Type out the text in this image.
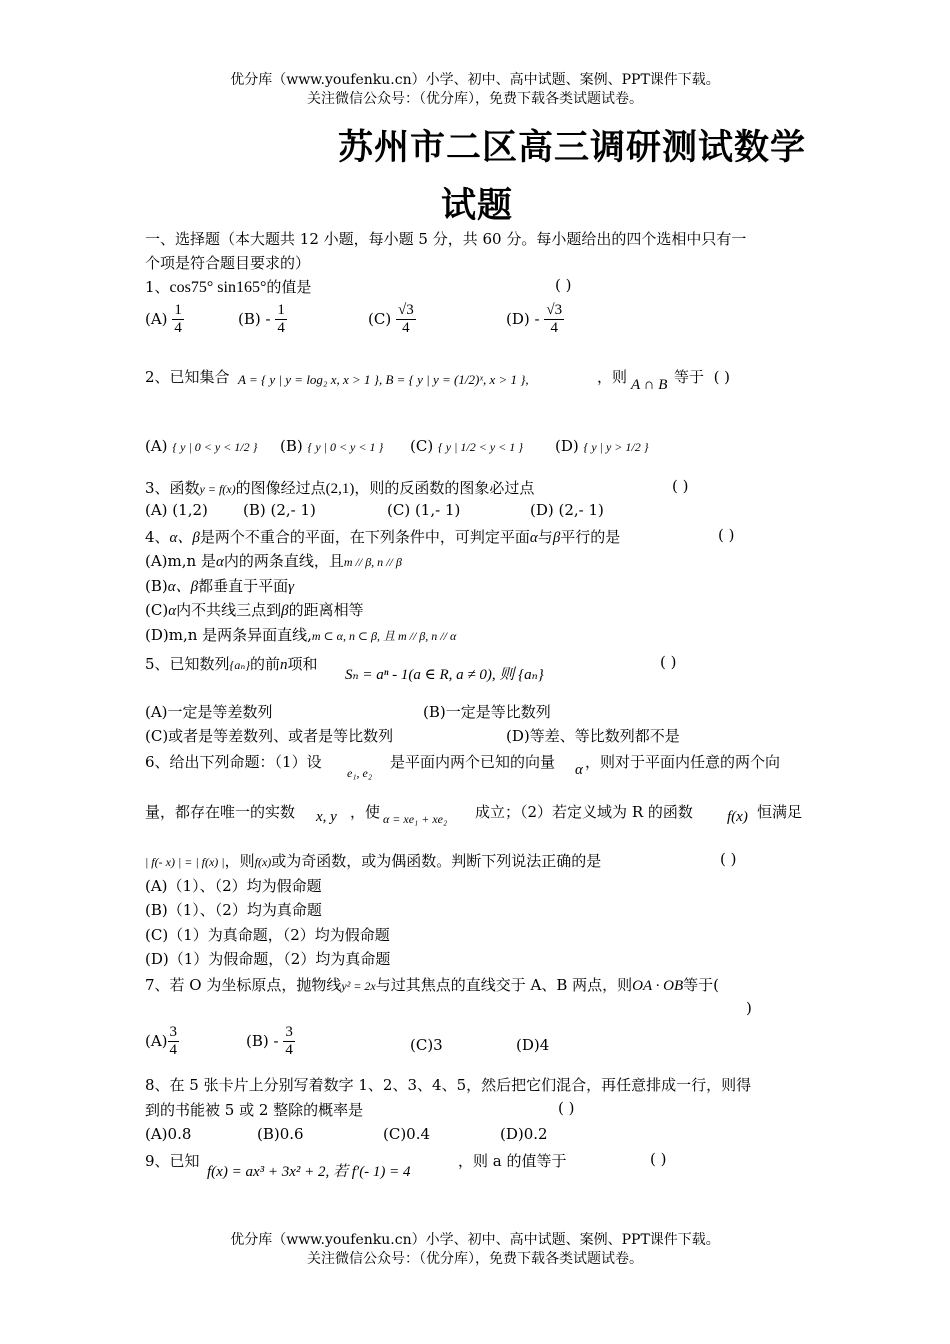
优分库（www.youfenku.cn）小学、初中、高中试题、案例、PPT课件下载。
关注微信公众号：（优分库），免费下载各类试题试卷。
苏州市二区高三调研测试数学
试题
一、选择题（本大题共 12 小题，每小题 5 分，共 60 分。每小题给出的四个选相中只有一
个项是符合题目要求的）
1、cos75° sin165°的值是	( )
$(A) \frac{1}{4}$	$(B) - \frac{1}{4}$	$(C) \frac{√3}{4}$	$(D) - \frac{√3}{4}$
2、已知集合 A = { y | y = log₂ x, x > 1 }, B = { y | y = (1/2)ˣ, x > 1 },	，则 A ∩ B 等于 ( )
(A) { y | 0 < y < 1/2 } (B) { y | 0 < y < 1 } (C) { y | 1/2 < y < 1 } (D) { y | y > 1/2 }
3、函数y = f(x)的图像经过点(2,1)，则的反函数的图象必过点	( )
(A) (1,2) (B) (2,- 1)	(C) (1,- 1)	(D) (2,- 1)
4、α、β是两个不重合的平面，在下列条件中，可判定平面α与β平行的是	( )
(A)m,n 是α内的两条直线，且m // β, n // β
(B)α、β都垂直于平面γ
(C)α内不共线三点到β的距离相等
(D)m,n 是两条异面直线,m ⊂ α, n ⊂ β, 且 m // β, n // α
5、已知数列{aₙ}的前n项和
Sₙ = aⁿ - 1(a ∈ R, a ≠ 0), 则 {aₙ}
( )
(A)一定是等差数列	(B)一定是等比数列
(C)或者是等差数列、或者是等比数列	(D)等差、等比数列都不是
6、给出下列命题：（1）设
e₁, e₂
是平面内两个已知的向量 α ，则对于平面内任意的两个向
量，都存在唯一的实数 x, y ，使 α = xe₁ + xe₂ 成立；（2）若定义域为 R 的函数 f(x) 恒满足
| f(- x) | = | f(x) |，则f(x)或为奇函数，或为偶函数。判断下列说法正确的是	( )
(A)（1）、（2）均为假命题
(B)（1）、（2）均为真命题
(C)（1）为真命题，（2）均为假命题
(D)（1）为假命题，（2）均为真命题
7、若 O 为坐标原点，抛物线y² = 2x与过其焦点的直线交于 A、B 两点，则OA · OB等于(
)
$(A) \frac{3}{4}$	$(B) - \frac{3}{4}$	(C)3	(D)4
8、在 5 张卡片上分别写着数字 1、2、3、4、5，然后把它们混合，再任意排成一行，则得
到的书能被 5 或 2 整除的概率是	( )
(A)0.8	(B)0.6	(C)0.4	(D)0.2
9、已知
f(x) = ax³ + 3x² + 2, 若 f′(- 1) = 4
，则 a 的值等于	( )
优分库（www.youfenku.cn）小学、初中、高中试题、案例、PPT课件下载。
关注微信公众号：（优分库），免费下载各类试题试卷。
